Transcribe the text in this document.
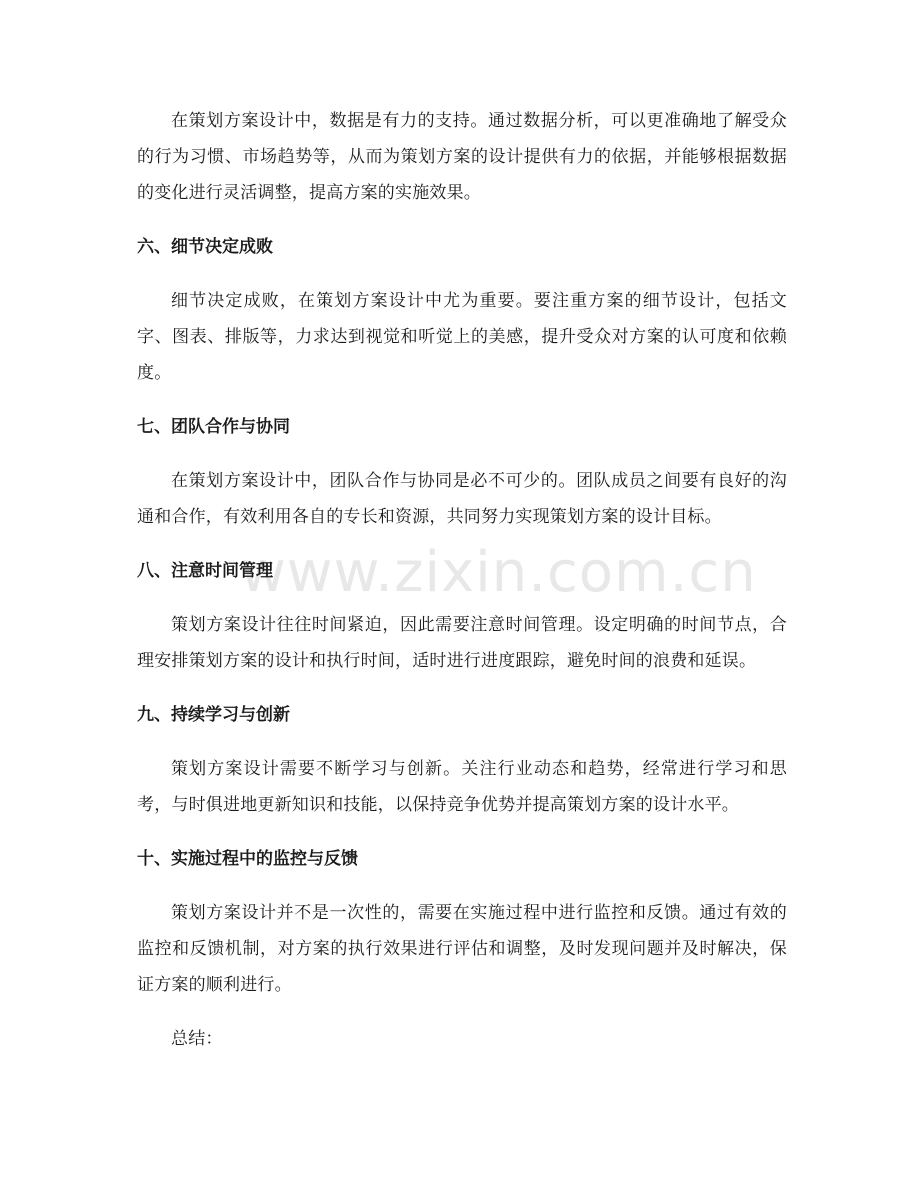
www.zixin.com.cn

在策划方案设计中，数据是有力的支持。通过数据分析，可以更准确地了解受众的行为习惯、市场趋势等，从而为策划方案的设计提供有力的依据，并能够根据数据的变化进行灵活调整，提高方案的实施效果。

六、细节决定成败

细节决定成败，在策划方案设计中尤为重要。要注重方案的细节设计，包括文字、图表、排版等，力求达到视觉和听觉上的美感，提升受众对方案的认可度和依赖度。

七、团队合作与协同

在策划方案设计中，团队合作与协同是必不可少的。团队成员之间要有良好的沟通和合作，有效利用各自的专长和资源，共同努力实现策划方案的设计目标。

八、注意时间管理

策划方案设计往往时间紧迫，因此需要注意时间管理。设定明确的时间节点，合理安排策划方案的设计和执行时间，适时进行进度跟踪，避免时间的浪费和延误。

九、持续学习与创新

策划方案设计需要不断学习与创新。关注行业动态和趋势，经常进行学习和思考，与时俱进地更新知识和技能，以保持竞争优势并提高策划方案的设计水平。

十、实施过程中的监控与反馈

策划方案设计并不是一次性的，需要在实施过程中进行监控和反馈。通过有效的监控和反馈机制，对方案的执行效果进行评估和调整，及时发现问题并及时解决，保证方案的顺利进行。

总结：
